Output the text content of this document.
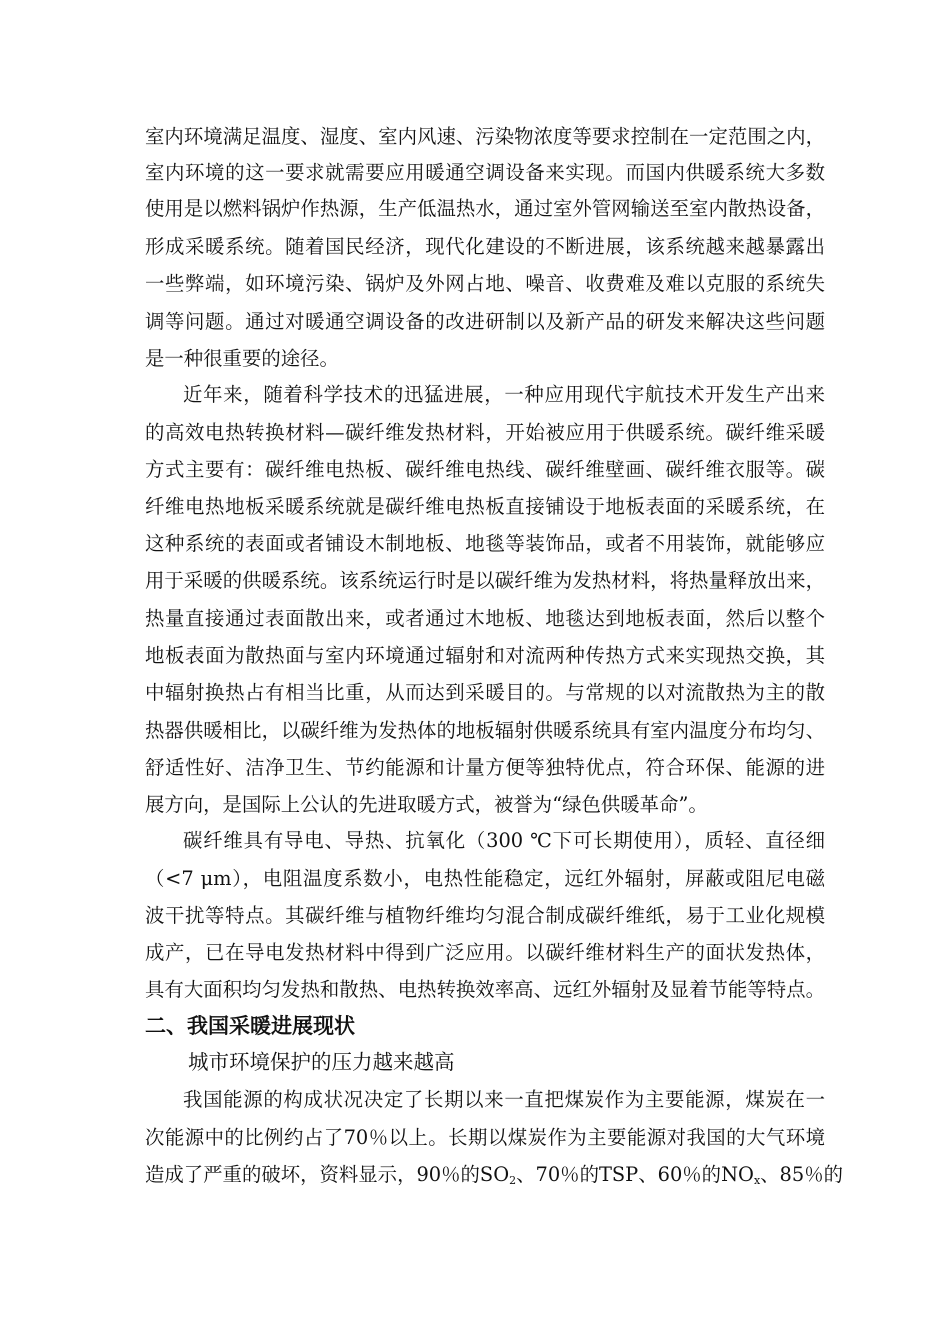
室内环境满足温度、湿度、室内风速、污染物浓度等要求控制在一定范围之内，
室内环境的这一要求就需要应用暖通空调设备来实现。而国内供暖系统大多数
使用是以燃料锅炉作热源，生产低温热水，通过室外管网输送至室内散热设备，
形成采暖系统。随着国民经济，现代化建设的不断进展，该系统越来越暴露出
一些弊端，如环境污染、锅炉及外网占地、噪音、收费难及难以克服的系统失
调等问题。通过对暖通空调设备的改进研制以及新产品的研发来解决这些问题
是一种很重要的途径。
近年来，随着科学技术的迅猛进展，一种应用现代宇航技术开发生产出来
的高效电热转换材料—碳纤维发热材料，开始被应用于供暖系统。碳纤维采暖
方式主要有：碳纤维电热板、碳纤维电热线、碳纤维壁画、碳纤维衣服等。碳
纤维电热地板采暖系统就是碳纤维电热板直接铺设于地板表面的采暖系统，在
这种系统的表面或者铺设木制地板、地毯等装饰品，或者不用装饰，就能够应
用于采暖的供暖系统。该系统运行时是以碳纤维为发热材料，将热量释放出来，
热量直接通过表面散出来，或者通过木地板、地毯达到地板表面，然后以整个
地板表面为散热面与室内环境通过辐射和对流两种传热方式来实现热交换，其
中辐射换热占有相当比重，从而达到采暖目的。与常规的以对流散热为主的散
热器供暖相比，以碳纤维为发热体的地板辐射供暖系统具有室内温度分布均匀、
舒适性好、洁净卫生、节约能源和计量方便等独特优点，符合环保、能源的进
展方向，是国际上公认的先进取暖方式，被誉为“绿色供暖革命”。
碳纤维具有导电、导热、抗氧化（300 ℃下可长期使用），质轻、直径细
（<7 μm），电阻温度系数小，电热性能稳定，远红外辐射，屏蔽或阻尼电磁
波干扰等特点。其碳纤维与植物纤维均匀混合制成碳纤维纸，易于工业化规模
成产，已在导电发热材料中得到广泛应用。以碳纤维材料生产的面状发热体，
具有大面积均匀发热和散热、电热转换效率高、远红外辐射及显着节能等特点。
二、我国采暖进展现状
城市环境保护的压力越来越高
我国能源的构成状况决定了长期以来一直把煤炭作为主要能源，煤炭在一
次能源中的比例约占了70％以上。长期以煤炭作为主要能源对我国的大气环境
造成了严重的破坏，资料显示，90％的$SO_2$、70％的TSP、60％的$NO_x$、85％的
